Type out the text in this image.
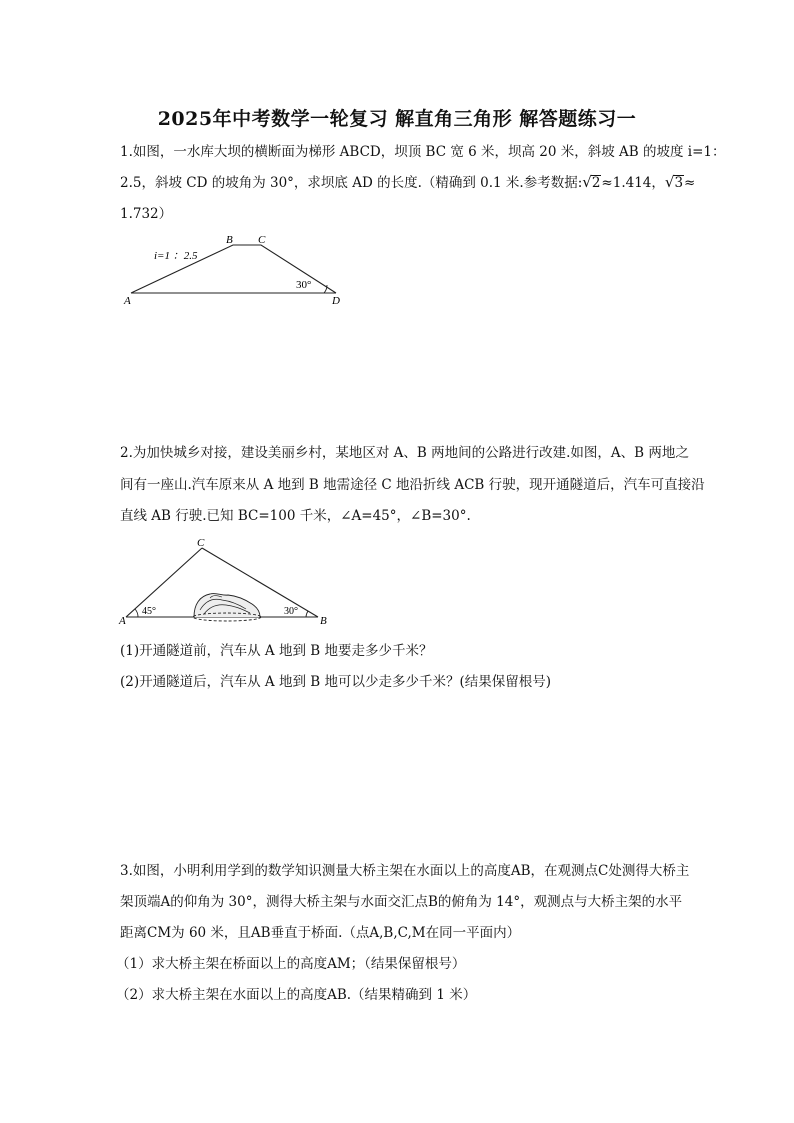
2025年中考数学一轮复习 解直角三角形 解答题练习一
1.如图，一水库大坝的横断面为梯形 ABCD，坝顶 BC 宽 6 米，坝高 20 米，斜坡 AB 的坡度 i=1：
2.5，斜坡 CD 的坡角为 30°，求坝底 AD 的长度.（精确到 0.1 米.参考数据:√2≈1.414，√3≈
1.732）
i=1 ：2.5
30°
A
B C
D
2.为加快城乡对接，建设美丽乡村，某地区对 A、B 两地间的公路进行改建.如图，A、B 两地之
间有一座山.汽车原来从 A 地到 B 地需途径 C 地沿折线 ACB 行驶，现开通隧道后，汽车可直接沿
直线 AB 行驶.已知 BC=100 千米，∠A=45°，∠B=30°.
45°	30°
A
C
B
(1)开通隧道前，汽车从 A 地到 B 地要走多少千米？
(2)开通隧道后，汽车从 A 地到 B 地可以少走多少千米？(结果保留根号)
3.如图，小明利用学到的数学知识测量大桥主架在水面以上的高度AB，在观测点C处测得大桥主
架顶端A的仰角为 30°，测得大桥主架与水面交汇点B的俯角为 14°，观测点与大桥主架的水平
距离CM为 60 米，且AB垂直于桥面.（点A,B,C,M在同一平面内）
（1）求大桥主架在桥面以上的高度AM；（结果保留根号）
（2）求大桥主架在水面以上的高度AB.（结果精确到 1 米）
